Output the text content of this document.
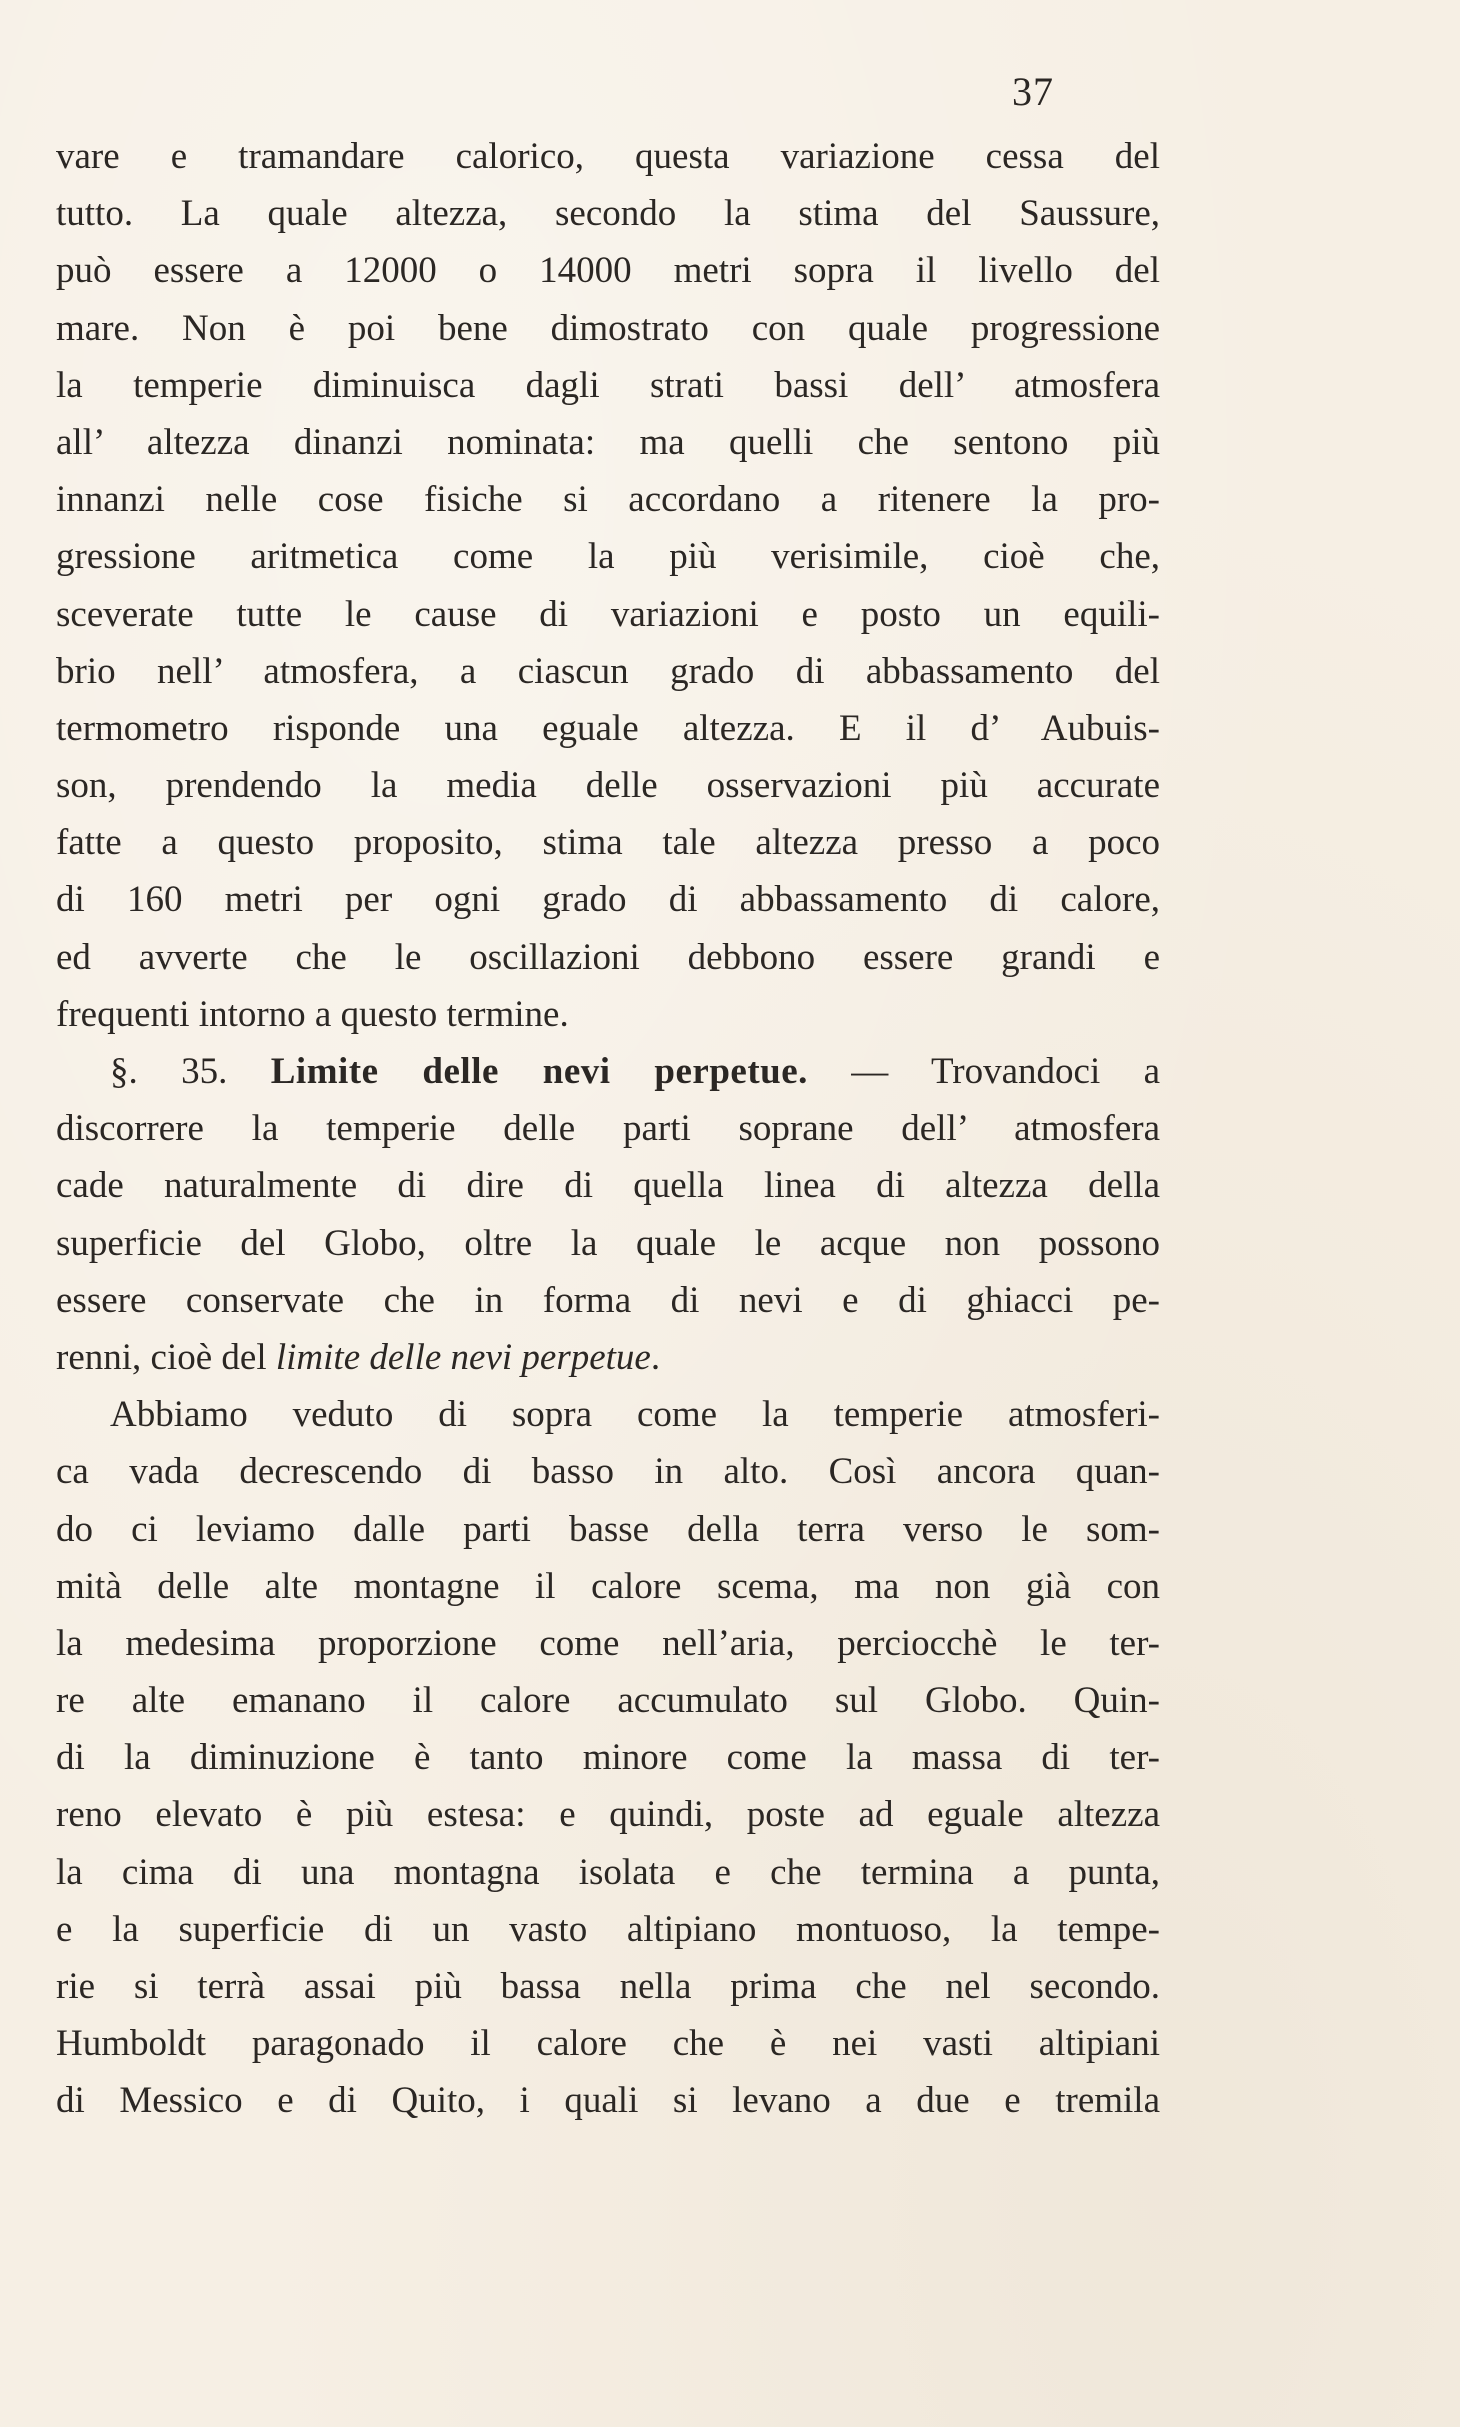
37
vare e tramandare calorico, questa variazione cessa del
tutto. La quale altezza, secondo la stima del Saussure,
può essere a 12000 o 14000 metri sopra il livello del
mare. Non è poi bene dimostrato con quale progressione
la temperie diminuisca dagli strati bassi dell’ atmosfera
all’ altezza dinanzi nominata: ma quelli che sentono più
innanzi nelle cose fisiche si accordano a ritenere la pro-
gressione aritmetica come la più verisimile, cioè che,
sceverate tutte le cause di variazioni e posto un equili-
brio nell’ atmosfera, a ciascun grado di abbassamento del
termometro risponde una eguale altezza. E il d’ Aubuis-
son, prendendo la media delle osservazioni più accurate
fatte a questo proposito, stima tale altezza presso a poco
di 160 metri per ogni grado di abbassamento di calore,
ed avverte che le oscillazioni debbono essere grandi e
frequenti intorno a questo termine.
§. 35. Limite delle nevi perpetue. — Trovandoci a
discorrere la temperie delle parti soprane dell’ atmosfera
cade naturalmente di dire di quella linea di altezza della
superficie del Globo, oltre la quale le acque non possono
essere conservate che in forma di nevi e di ghiacci pe-
renni, cioè del limite delle nevi perpetue.
Abbiamo veduto di sopra come la temperie atmosferi-
ca vada decrescendo di basso in alto. Così ancora quan-
do ci leviamo dalle parti basse della terra verso le som-
mità delle alte montagne il calore scema, ma non già con
la medesima proporzione come nell’aria, perciocchè le ter-
re alte emanano il calore accumulato sul Globo. Quin-
di la diminuzione è tanto minore come la massa di ter-
reno elevato è più estesa: e quindi, poste ad eguale altezza
la cima di una montagna isolata e che termina a punta,
e la superficie di un vasto altipiano montuoso, la tempe-
rie si terrà assai più bassa nella prima che nel secondo.
Humboldt paragonado il calore che è nei vasti altipiani
di Messico e di Quito, i quali si levano a due e tremila
